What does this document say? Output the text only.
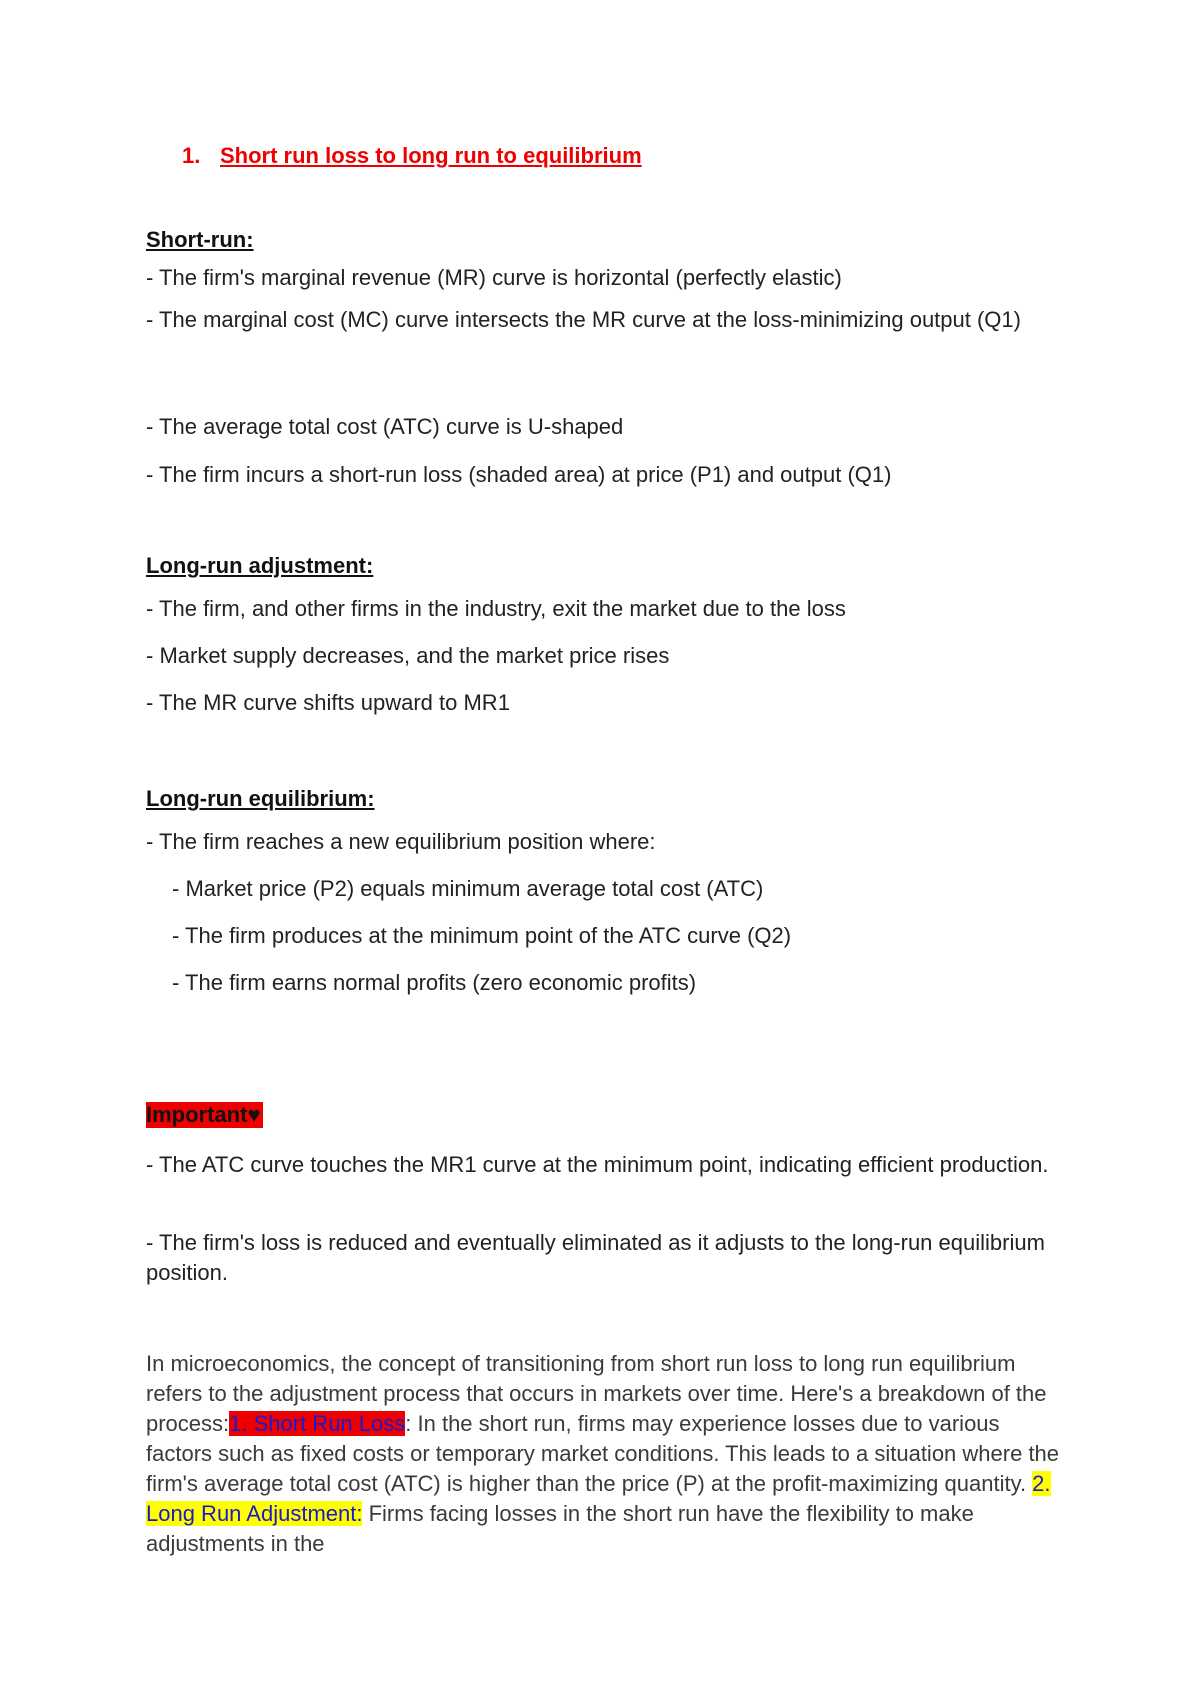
1. Short run loss to long run to equilibrium
Short-run:
- The firm's marginal revenue (MR) curve is horizontal (perfectly elastic)
- The marginal cost (MC) curve intersects the MR curve at the loss-minimizing output (Q1)
- The average total cost (ATC) curve is U-shaped
- The firm incurs a short-run loss (shaded area) at price (P1) and output (Q1)
Long-run adjustment:
- The firm, and other firms in the industry, exit the market due to the loss
- Market supply decreases, and the market price rises
- The MR curve shifts upward to MR1
Long-run equilibrium:
- The firm reaches a new equilibrium position where:
- Market price (P2) equals minimum average total cost (ATC)
- The firm produces at the minimum point of the ATC curve (Q2)
- The firm earns normal profits (zero economic profits)
Important♥
- The ATC curve touches the MR1 curve at the minimum point, indicating efficient production.
- The firm's loss is reduced and eventually eliminated as it adjusts to the long-run equilibrium position.
In microeconomics, the concept of transitioning from short run loss to long run equilibrium refers to the adjustment process that occurs in markets over time. Here's a breakdown of the process:1. Short Run Loss: In the short run, firms may experience losses due to various factors such as fixed costs or temporary market conditions. This leads to a situation where the firm's average total cost (ATC) is higher than the price (P) at the profit-maximizing quantity. 2. Long Run Adjustment: Firms facing losses in the short run have the flexibility to make adjustments in the
